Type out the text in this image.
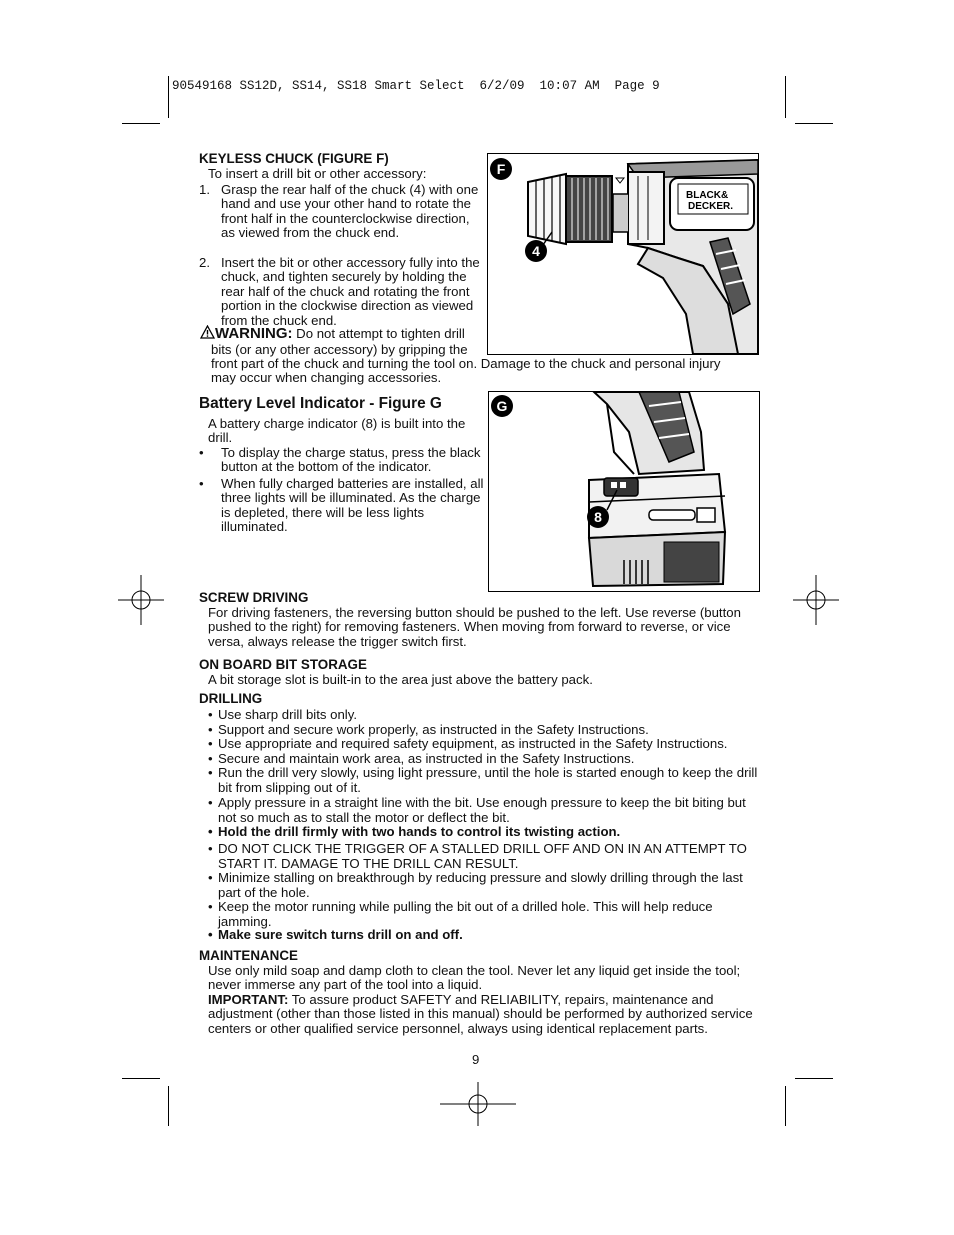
90549168 SS12D, SS14, SS18 Smart Select  6/2/09  10:07 AM  Page 9
KEYLESS CHUCK (FIGURE F)
To insert a drill bit or other accessory:
1. Grasp the rear half of the chuck (4) with one hand and use your other hand to rotate the front half in the counterclockwise direction, as viewed from the chuck end.
2. Insert the bit or other accessory fully into the chuck, and tighten securely by holding the rear half of the chuck and rotating the front portion in the clockwise direction as viewed from the chuck end.
WARNING: Do not attempt to tighten drill
bits (or any other accessory) by gripping the
front part of the chuck and turning the tool on. Damage to the chuck and personal injury
may occur when changing accessories.
BLACK&
DECKER.
F
4
Battery Level Indicator - Figure G
A battery charge indicator (8) is built into the drill.
• To display the charge status, press the black button at the bottom of the indicator.
• When fully charged batteries are installed, all three lights will be illuminated. As the charge is depleted, there will be less lights illuminated.
G
8
SCREW DRIVING
For driving fasteners, the reversing button should be pushed to the left. Use reverse (button pushed to the right) for removing fasteners. When moving from forward to reverse, or vice versa, always release the trigger switch first.
ON BOARD BIT STORAGE
A bit storage slot is built-in to the area just above the battery pack.
DRILLING
• Use sharp drill bits only.
• Support and secure work properly, as instructed in the Safety Instructions.
• Use appropriate and required safety equipment, as instructed in the Safety Instructions.
• Secure and maintain work area, as instructed in the Safety Instructions.
• Run the drill very slowly, using light pressure, until the hole is started enough to keep the drill bit from slipping out of it.
• Apply pressure in a straight line with the bit. Use enough pressure to keep the bit biting but not so much as to stall the motor or deflect the bit.
• Hold the drill firmly with two hands to control its twisting action.
• DO NOT CLICK THE TRIGGER OF A STALLED DRILL OFF AND ON IN AN ATTEMPT TO START IT. DAMAGE TO THE DRILL CAN RESULT.
• Minimize stalling on breakthrough by reducing pressure and slowly drilling through the last part of the hole.
• Keep the motor running while pulling the bit out of a drilled hole. This will help reduce jamming.
• Make sure switch turns drill on and off.
MAINTENANCE
Use only mild soap and damp cloth to clean the tool. Never let any liquid get inside the tool; never immerse any part of the tool into a liquid.
IMPORTANT: To assure product SAFETY and RELIABILITY, repairs, maintenance and adjustment (other than those listed in this manual) should be performed by authorized service centers or other qualified service personnel, always using identical replacement parts.
9
